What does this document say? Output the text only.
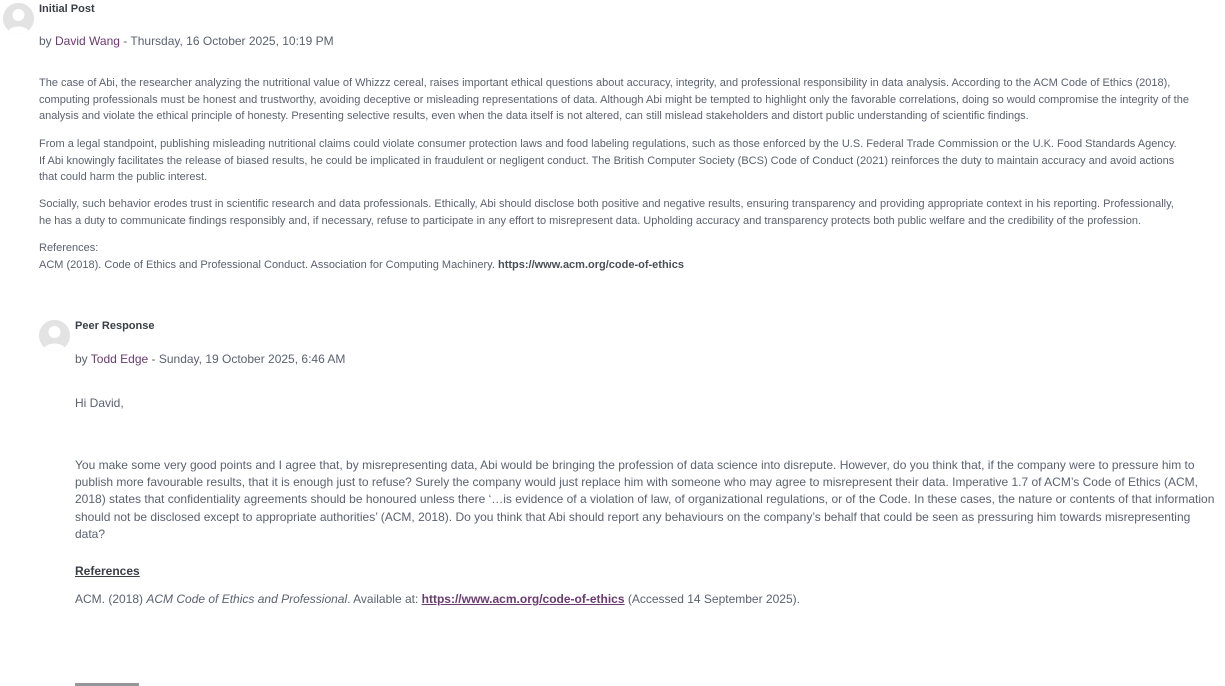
Initial Post
by David Wang - Thursday, 16 October 2025, 10:19 PM

The case of Abi, the researcher analyzing the nutritional value of Whizzz cereal, raises important ethical questions about accuracy, integrity, and professional responsibility in data analysis. According to the ACM Code of Ethics (2018), computing professionals must be honest and trustworthy, avoiding deceptive or misleading representations of data. Although Abi might be tempted to highlight only the favorable correlations, doing so would compromise the integrity of the analysis and violate the ethical principle of honesty. Presenting selective results, even when the data itself is not altered, can still mislead stakeholders and distort public understanding of scientific findings.

From a legal standpoint, publishing misleading nutritional claims could violate consumer protection laws and food labeling regulations, such as those enforced by the U.S. Federal Trade Commission or the U.K. Food Standards Agency. If Abi knowingly facilitates the release of biased results, he could be implicated in fraudulent or negligent conduct. The British Computer Society (BCS) Code of Conduct (2021) reinforces the duty to maintain accuracy and avoid actions that could harm the public interest.

Socially, such behavior erodes trust in scientific research and data professionals. Ethically, Abi should disclose both positive and negative results, ensuring transparency and providing appropriate context in his reporting. Professionally, he has a duty to communicate findings responsibly and, if necessary, refuse to participate in any effort to misrepresent data. Upholding accuracy and transparency protects both public welfare and the credibility of the profession.

References:
ACM (2018). Code of Ethics and Professional Conduct. Association for Computing Machinery. https://www.acm.org/code-of-ethics

Peer Response
by Todd Edge - Sunday, 19 October 2025, 6:46 AM

Hi David,

You make some very good points and I agree that, by misrepresenting data, Abi would be bringing the profession of data science into disrepute. However, do you think that, if the company were to pressure him to publish more favourable results, that it is enough just to refuse? Surely the company would just replace him with someone who may agree to misrepresent their data. Imperative 1.7 of ACM’s Code of Ethics (ACM, 2018) states that confidentiality agreements should be honoured unless there ‘…is evidence of a violation of law, of organizational regulations, or of the Code. In these cases, the nature or contents of that information should not be disclosed except to appropriate authorities’ (ACM, 2018). Do you think that Abi should report any behaviours on the company’s behalf that could be seen as pressuring him towards misrepresenting data?

References

ACM. (2018) ACM Code of Ethics and Professional. Available at: https://www.acm.org/code-of-ethics (Accessed 14 September 2025).
